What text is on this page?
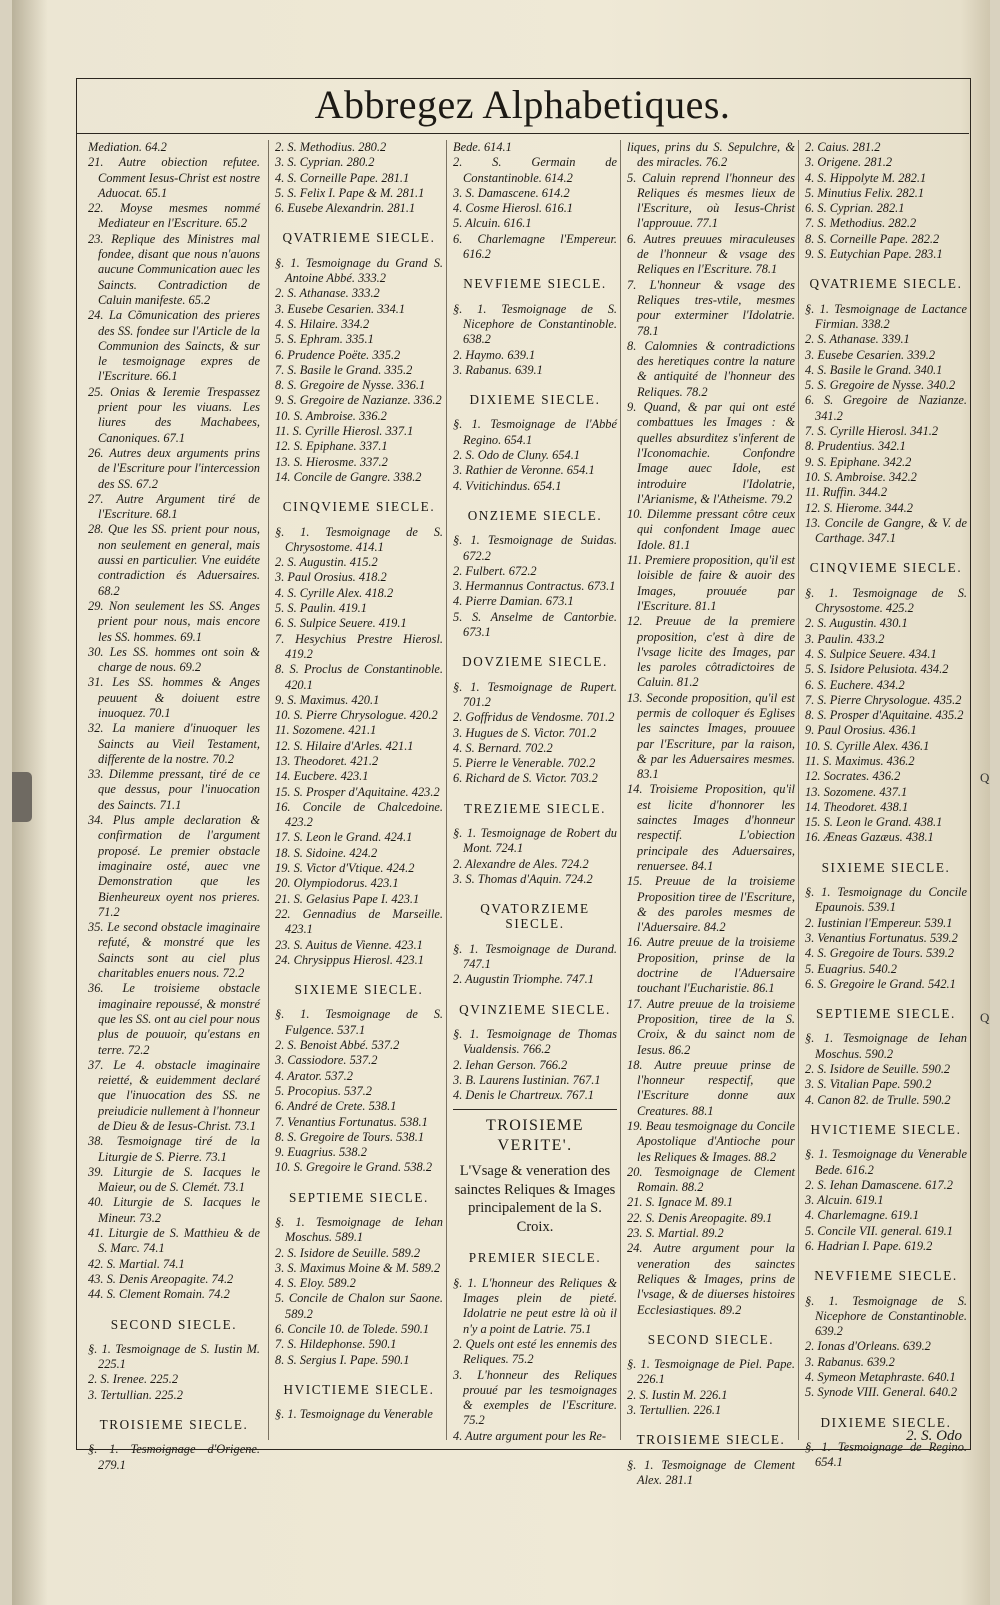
Abbregez Alphabetiques.
Mediation. 64.2
21. Autre obiection refutee. Comment Iesus-Christ est nostre Aduocat. 65.1
22. Moyse mesmes nommé Mediateur en l'Escriture. 65.2
23. Replique des Ministres mal fondee, disant que nous n'auons aucune Communication auec les Saincts. Contradiction de Caluin manifeste. 65.2
24. La Cõmunication des prieres des SS. fondee sur l'Article de la Communion des Saincts, & sur le tesmoignage expres de l'Escriture. 66.1
25. Onias & Ieremie Trespassez prient pour les viuans. Les liures des Machabees, Canoniques. 67.1
26. Autres deux arguments prins de l'Escriture pour l'intercession des SS. 67.2
27. Autre Argument tiré de l'Escriture. 68.1
28. Que les SS. prient pour nous, non seulement en general, mais aussi en particulier. Vne euidéte contradiction és Aduersaires. 68.2
29. Non seulement les SS. Anges prient pour nous, mais encore les SS. hommes. 69.1
30. Les SS. hommes ont soin & charge de nous. 69.2
31. Les SS. hommes & Anges peuuent & doiuent estre inuoquez. 70.1
32. La maniere d'inuoquer les Saincts au Vieil Testament, differente de la nostre. 70.2
33. Dilemme pressant, tiré de ce que dessus, pour l'inuocation des Saincts. 71.1
34. Plus ample declaration & confirmation de l'argument proposé. Le premier obstacle imaginaire osté, auec vne Demonstration que les Bienheureux oyent nos prieres. 71.2
35. Le second obstacle imaginaire refuté, & monstré que les Saincts sont au ciel plus charitables enuers nous. 72.2
36. Le troisieme obstacle imaginaire repoussé, & monstré que les SS. ont au ciel pour nous plus de pouuoir, qu'estans en terre. 72.2
37. Le 4. obstacle imaginaire reietté, & euidemment declaré que l'inuocation des SS. ne preiudicie nullement à l'honneur de Dieu & de Iesus-Christ. 73.1
38. Tesmoignage tiré de la Liturgie de S. Pierre. 73.1
39. Liturgie de S. Iacques le Maieur, ou de S. Clemét. 73.1
40. Liturgie de S. Iacques le Mineur. 73.2
41. Liturgie de S. Matthieu & de S. Marc. 74.1
42. S. Martial. 74.1
43. S. Denis Areopagite. 74.2
44. S. Clement Romain. 74.2
SECOND SIECLE.
§. 1. Tesmoignage de S. Iustin M. 225.1
2. S. Irenee. 225.2
3. Tertullian. 225.2
TROISIEME SIECLE.
§. 1. Tesmoignage d'Origene. 279.1
2. S. Methodius. 280.2
3. S. Cyprian. 280.2
4. S. Corneille Pape. 281.1
5. S. Felix I. Pape & M. 281.1
6. Eusebe Alexandrin. 281.1
QVATRIEME SIECLE.
§. 1. Tesmoignage du Grand S. Antoine Abbé. 333.2
2. S. Athanase. 333.2
3. Eusebe Cesarien. 334.1
4. S. Hilaire. 334.2
5. S. Ephram. 335.1
6. Prudence Poëte. 335.2
7. S. Basile le Grand. 335.2
8. S. Gregoire de Nysse. 336.1
9. S. Gregoire de Nazianze. 336.2
10. S. Ambroise. 336.2
11. S. Cyrille Hierosl. 337.1
12. S. Epiphane. 337.1
13. S. Hierosme. 337.2
14. Concile de Gangre. 338.2
CINQVIEME SIECLE.
§. 1. Tesmoignage de S. Chrysostome. 414.1
2. S. Augustin. 415.2
3. Paul Orosius. 418.2
4. S. Cyrille Alex. 418.2
5. S. Paulin. 419.1
6. S. Sulpice Seuere. 419.1
7. Hesychius Prestre Hierosl. 419.2
8. S. Proclus de Constantinoble. 420.1
9. S. Maximus. 420.1
10. S. Pierre Chrysologue. 420.2
11. Sozomene. 421.1
12. S. Hilaire d'Arles. 421.1
13. Theodoret. 421.2
14. Eucbere. 423.1
15. S. Prosper d'Aquitaine. 423.2
16. Concile de Chalcedoine. 423.2
17. S. Leon le Grand. 424.1
18. S. Sidoine. 424.2
19. S. Victor d'Vtique. 424.2
20. Olympiodorus. 423.1
21. S. Gelasius Pape I. 423.1
22. Gennadius de Marseille. 423.1
23. S. Auitus de Vienne. 423.1
24. Chrysippus Hierosl. 423.1
SIXIEME SIECLE.
§. 1. Tesmoignage de S. Fulgence. 537.1
2. S. Benoist Abbé. 537.2
3. Cassiodore. 537.2
4. Arator. 537.2
5. Procopius. 537.2
6. André de Crete. 538.1
7. Venantius Fortunatus. 538.1
8. S. Gregoire de Tours. 538.1
9. Euagrius. 538.2
10. S. Gregoire le Grand. 538.2
SEPTIEME SIECLE.
§. 1. Tesmoignage de Iehan Moschus. 589.1
2. S. Isidore de Seuille. 589.2
3. S. Maximus Moine & M. 589.2
4. S. Eloy. 589.2
5. Concile de Chalon sur Saone. 589.2
6. Concile 10. de Tolede. 590.1
7. S. Hildephonse. 590.1
8. S. Sergius I. Pape. 590.1
HVICTIEME SIECLE.
§. 1. Tesmoignage du Venerable
Bede. 614.1
2. S. Germain de Constantinoble. 614.2
3. S. Damascene. 614.2
4. Cosme Hierosl. 616.1
5. Alcuin. 616.1
6. Charlemagne l'Empereur. 616.2
NEVFIEME SIECLE.
§. 1. Tesmoignage de S. Nicephore de Constantinoble. 638.2
2. Haymo. 639.1
3. Rabanus. 639.1
DIXIEME SIECLE.
§. 1. Tesmoignage de l'Abbé Regino. 654.1
2. S. Odo de Cluny. 654.1
3. Rathier de Veronne. 654.1
4. Vvitichindus. 654.1
ONZIEME SIECLE.
§. 1. Tesmoignage de Suidas. 672.2
2. Fulbert. 672.2
3. Hermannus Contractus. 673.1
4. Pierre Damian. 673.1
5. S. Anselme de Cantorbie. 673.1
DOVZIEME SIECLE.
§. 1. Tesmoignage de Rupert. 701.2
2. Goffridus de Vendosme. 701.2
3. Hugues de S. Victor. 701.2
4. S. Bernard. 702.2
5. Pierre le Venerable. 702.2
6. Richard de S. Victor. 703.2
TREZIEME SIECLE.
§. 1. Tesmoignage de Robert du Mont. 724.1
2. Alexandre de Ales. 724.2
3. S. Thomas d'Aquin. 724.2
QVATORZIEME SIECLE.
§. 1. Tesmoignage de Durand. 747.1
2. Augustin Triomphe. 747.1
QVINZIEME SIECLE.
§. 1. Tesmoignage de Thomas Vualdensis. 766.2
2. Iehan Gerson. 766.2
3. B. Laurens Iustinian. 767.1
4. Denis le Chartreux. 767.1
TROISIEME VERITE'.
L'Vsage & veneration des sainctes Reliques & Images principalement de la S. Croix.
PREMIER SIECLE.
§. 1. L'honneur des Reliques & Images plein de pieté. Idolatrie ne peut estre là où il n'y a point de Latrie. 75.1
2. Quels ont esté les ennemis des Reliques. 75.2
3. L'honneur des Reliques prouué par les tesmoignages & exemples de l'Escriture. 75.2
4. Autre argument pour les Re-
liques, prins du S. Sepulchre, & des miracles. 76.2
5. Caluin reprend l'honneur des Reliques és mesmes lieux de l'Escriture, où Iesus-Christ l'approuue. 77.1
6. Autres preuues miraculeuses de l'honneur & vsage des Reliques en l'Escriture. 78.1
7. L'honneur & vsage des Reliques tres-vtile, mesmes pour exterminer l'Idolatrie. 78.1
8. Calomnies & contradictions des heretiques contre la nature & antiquité de l'honneur des Reliques. 78.2
9. Quand, & par qui ont esté combattues les Images : & quelles absurditez s'inferent de l'Iconomachie. Confondre Image auec Idole, est introduire l'Idolatrie, l'Arianisme, & l'Atheisme. 79.2
10. Dilemme pressant côtre ceux qui confondent Image auec Idole. 81.1
11. Premiere proposition, qu'il est loisible de faire & auoir des Images, prouuée par l'Escriture. 81.1
12. Preuue de la premiere proposition, c'est à dire de l'vsage licite des Images, par les paroles côtradictoires de Caluin. 81.2
13. Seconde proposition, qu'il est permis de colloquer és Eglises les sainctes Images, prouuee par l'Escriture, par la raison, & par les Aduersaires mesmes. 83.1
14. Troisieme Proposition, qu'il est licite d'honnorer les sainctes Images d'honneur respectif. L'obiection principale des Aduersaires, renuersee. 84.1
15. Preuue de la troisieme Proposition tiree de l'Escriture, & des paroles mesmes de l'Aduersaire. 84.2
16. Autre preuue de la troisieme Proposition, prinse de la doctrine de l'Aduersaire touchant l'Eucharistie. 86.1
17. Autre preuue de la troisieme Proposition, tiree de la S. Croix, & du sainct nom de Iesus. 86.2
18. Autre preuue prinse de l'honneur respectif, que l'Escriture donne aux Creatures. 88.1
19. Beau tesmoignage du Concile Apostolique d'Antioche pour les Reliques & Images. 88.2
20. Tesmoignage de Clement Romain. 88.2
21. S. Ignace M. 89.1
22. S. Denis Areopagite. 89.1
23. S. Martial. 89.2
24. Autre argument pour la veneration des sainctes Reliques & Images, prins de l'vsage, & de diuerses histoires Ecclesiastiques. 89.2
SECOND SIECLE.
§. 1. Tesmoignage de Piel. Pape. 226.1
2. S. Iustin M. 226.1
3. Tertullien. 226.1
TROISIEME SIECLE.
§. 1. Tesmoignage de Clement Alex. 281.1
2. Caius. 281.2
3. Origene. 281.2
4. S. Hippolyte M. 282.1
5. Minutius Felix. 282.1
6. S. Cyprian. 282.1
7. S. Methodius. 282.2
8. S. Corneille Pape. 282.2
9. S. Eutychian Pape. 283.1
QVATRIEME SIECLE.
§. 1. Tesmoignage de Lactance Firmian. 338.2
2. S. Athanase. 339.1
3. Eusebe Cesarien. 339.2
4. S. Basile le Grand. 340.1
5. S. Gregoire de Nysse. 340.2
6. S. Gregoire de Nazianze. 341.2
7. S. Cyrille Hierosl. 341.2
8. Prudentius. 342.1
9. S. Epiphane. 342.2
10. S. Ambroise. 342.2
11. Ruffin. 344.2
12. S. Hierome. 344.2
13. Concile de Gangre, & V. de Carthage. 347.1
CINQVIEME SIECLE.
§. 1. Tesmoignage de S. Chrysostome. 425.2
2. S. Augustin. 430.1
3. Paulin. 433.2
4. S. Sulpice Seuere. 434.1
5. S. Isidore Pelusiota. 434.2
6. S. Euchere. 434.2
7. S. Pierre Chrysologue. 435.2
8. S. Prosper d'Aquitaine. 435.2
9. Paul Orosius. 436.1
10. S. Cyrille Alex. 436.1
11. S. Maximus. 436.2
12. Socrates. 436.2
13. Sozomene. 437.1
14. Theodoret. 438.1
15. S. Leon le Grand. 438.1
16. Æneas Gazæus. 438.1
SIXIEME SIECLE.
§. 1. Tesmoignage du Concile Epaunois. 539.1
2. Iustinian l'Empereur. 539.1
3. Venantius Fortunatus. 539.2
4. S. Gregoire de Tours. 539.2
5. Euagrius. 540.2
6. S. Gregoire le Grand. 542.1
SEPTIEME SIECLE.
§. 1. Tesmoignage de Iehan Moschus. 590.2
2. S. Isidore de Seuille. 590.2
3. S. Vitalian Pape. 590.2
4. Canon 82. de Trulle. 590.2
HVICTIEME SIECLE.
§. 1. Tesmoignage du Venerable Bede. 616.2
2. S. Iehan Damascene. 617.2
3. Alcuin. 619.1
4. Charlemagne. 619.1
5. Concile VII. general. 619.1
6. Hadrian I. Pape. 619.2
NEVFIEME SIECLE.
§. 1. Tesmoignage de S. Nicephore de Constantinoble. 639.2
2. Ionas d'Orleans. 639.2
3. Rabanus. 639.2
4. Symeon Metaphraste. 640.1
5. Synode VIII. General. 640.2
DIXIEME SIECLE.
§. 1. Tesmoignage de Regino. 654.1
2. S. Odo
Q
Q
